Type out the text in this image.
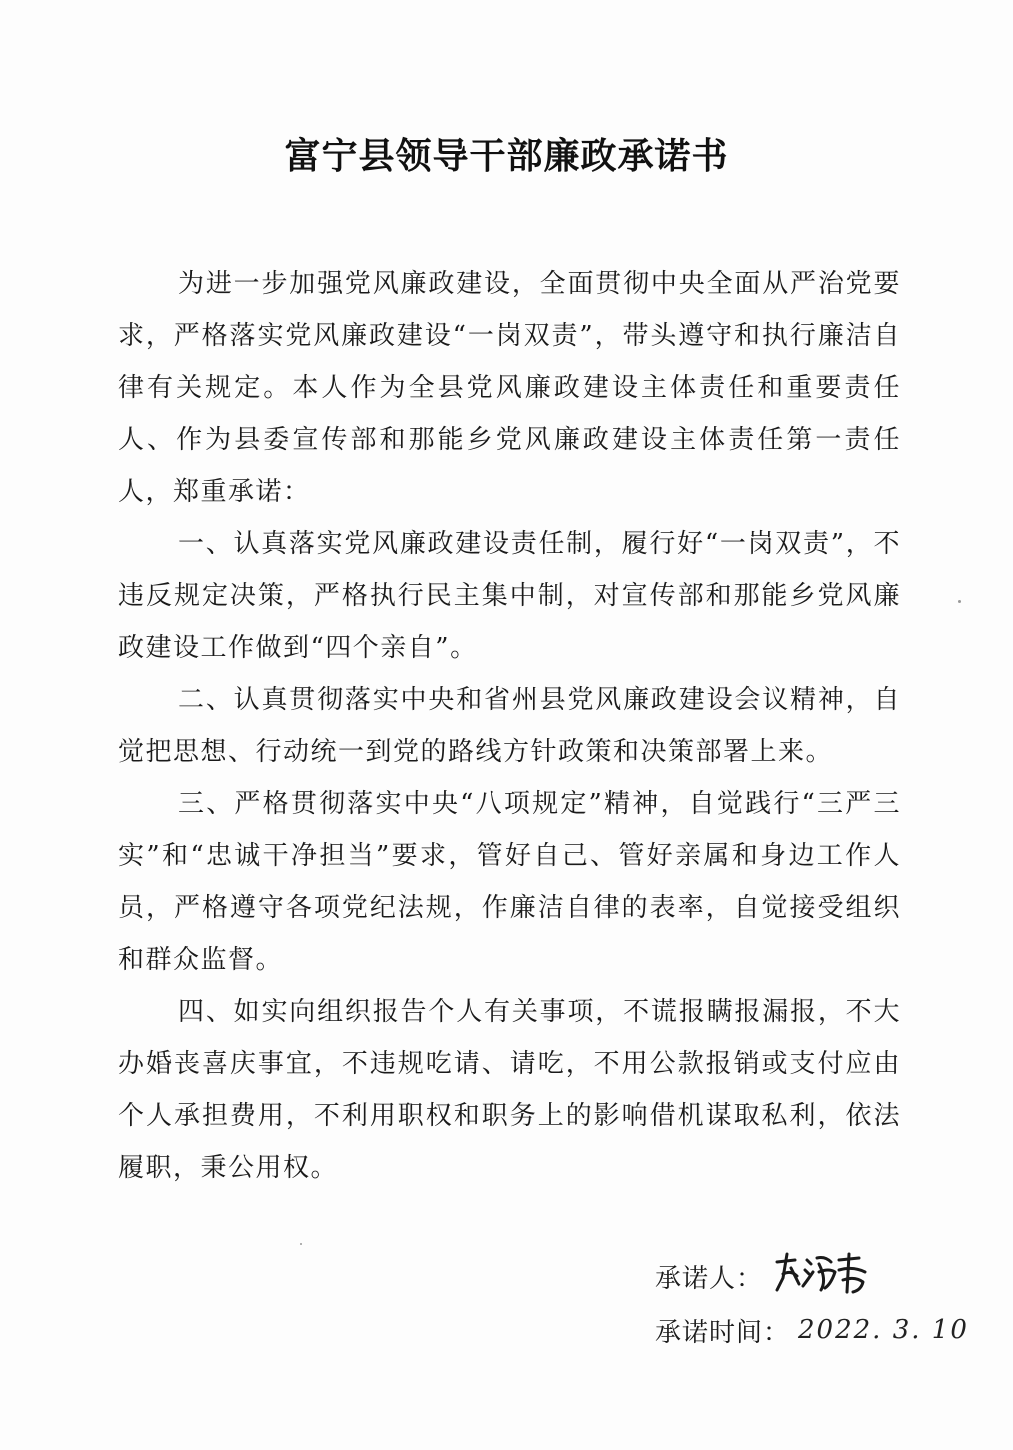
富宁县领导干部廉政承诺书

为进一步加强党风廉政建设，全面贯彻中央全面从严治党要求，严格落实党风廉政建设“一岗双责”，带头遵守和执行廉洁自律有关规定。本人作为全县党风廉政建设主体责任和重要责任人、作为县委宣传部和那能乡党风廉政建设主体责任第一责任人，郑重承诺：

一、认真落实党风廉政建设责任制，履行好“一岗双责”，不违反规定决策，严格执行民主集中制，对宣传部和那能乡党风廉政建设工作做到“四个亲自”。

二、认真贯彻落实中央和省州县党风廉政建设会议精神，自觉把思想、行动统一到党的路线方针政策和决策部署上来。

三、严格贯彻落实中央“八项规定”精神，自觉践行“三严三实”和“忠诚干净担当”要求，管好自己、管好亲属和身边工作人员，严格遵守各项党纪法规，作廉洁自律的表率，自觉接受组织和群众监督。

四、如实向组织报告个人有关事项，不谎报瞒报漏报，不大办婚丧喜庆事宜，不违规吃请、请吃，不用公款报销或支付应由个人承担费用，不利用职权和职务上的影响借机谋取私利，依法履职，秉公用权。

承诺人：
承诺时间： 2022. 3. 10
